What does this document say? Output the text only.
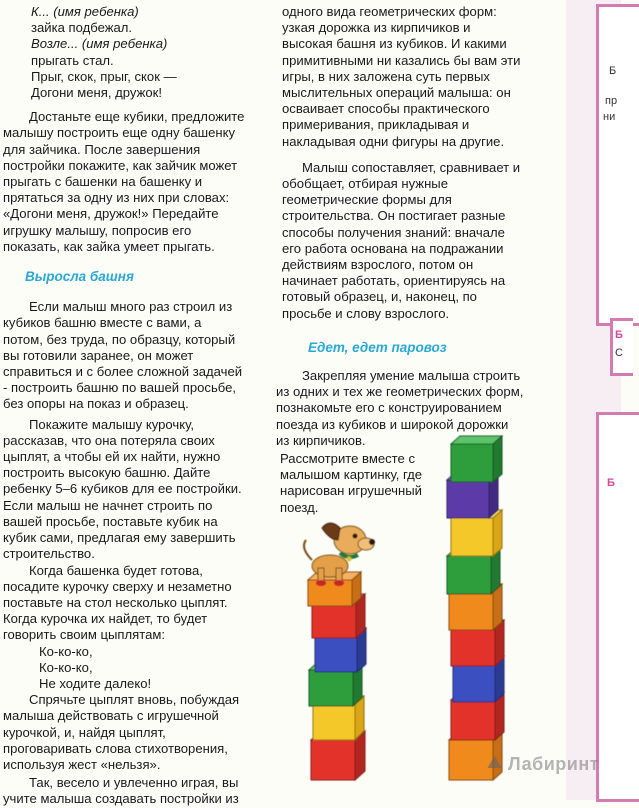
Б
пр
ни
Б
С
Б

К... (имя ребенка)

зайка подбежал.

Возле... (имя ребенка)

прыгать стал.

Прыг, скок, прыг, скок —

Догони меня, дружок!

Достаньте еще кубики, предложите

малышу построить еще одну башенку

для зайчика. После завершения

постройки покажите, как зайчик может

прыгать с башенки на башенку и

прятаться за одну из них при словах:

«Догони меня, дружок!» Передайте

игрушку малышу, попросив его

показать, как зайка умеет прыгать.

Выросла башня

Если малыш много раз строил из

кубиков башню вместе с вами, а

потом, без труда, по образцу, который

вы готовили заранее, он может

справиться и с более сложной задачей

- построить башню по вашей просьбе,

без опоры на показ и образец.

Покажите малышу курочку,

рассказав, что она потеряла своих

цыплят, а чтобы ей их найти, нужно

построить высокую башню. Дайте

ребенку 5–6 кубиков для ее постройки.

Если малыш не начнет строить по

вашей просьбе, поставьте кубик на

кубик сами, предлагая ему завершить

строительство.

Когда башенка будет готова,

посадите курочку сверху и незаметно

поставьте на стол несколько цыплят.

Когда курочка их найдет, то будет

говорить своим цыплятам:

Ко-ко-ко,

Ко-ко-ко,

Не ходите далеко!

Спрячьте цыплят вновь, побуждая

малыша действовать с игрушечной

курочкой, и, найдя цыплят,

проговаривать слова стихотворения,

используя жест «нельзя».

Так, весело и увлеченно играя, вы

учите малыша создавать постройки из

одного вида геометрических форм:

узкая дорожка из кирпичиков и

высокая башня из кубиков. И какими

примитивными ни казались бы вам эти

игры, в них заложена суть первых

мыслительных операций малыша: он

осваивает способы практического

примеривания, прикладывая и

накладывая одни фигуры на другие.

Малыш сопоставляет, сравнивает и

обобщает, отбирая нужные

геометрические формы для

строительства. Он постигает разные

способы получения знаний: вначале

его работа основана на подражании

действиям взрослого, потом он

начинает работать, ориентируясь на

готовый образец, и, наконец, по

просьбе и слову взрослого.

Едет, едет паровоз

Закрепляя умение малыша строить

из одних и тех же геометрических форм,

познакомьте его с конструированием

поезда из кубиков и широкой дорожки

из кирпичиков.

Рассмотрите вместе с

малышом картинку, где

нарисован игрушечный

поезд.

⛰ Лабиринт
